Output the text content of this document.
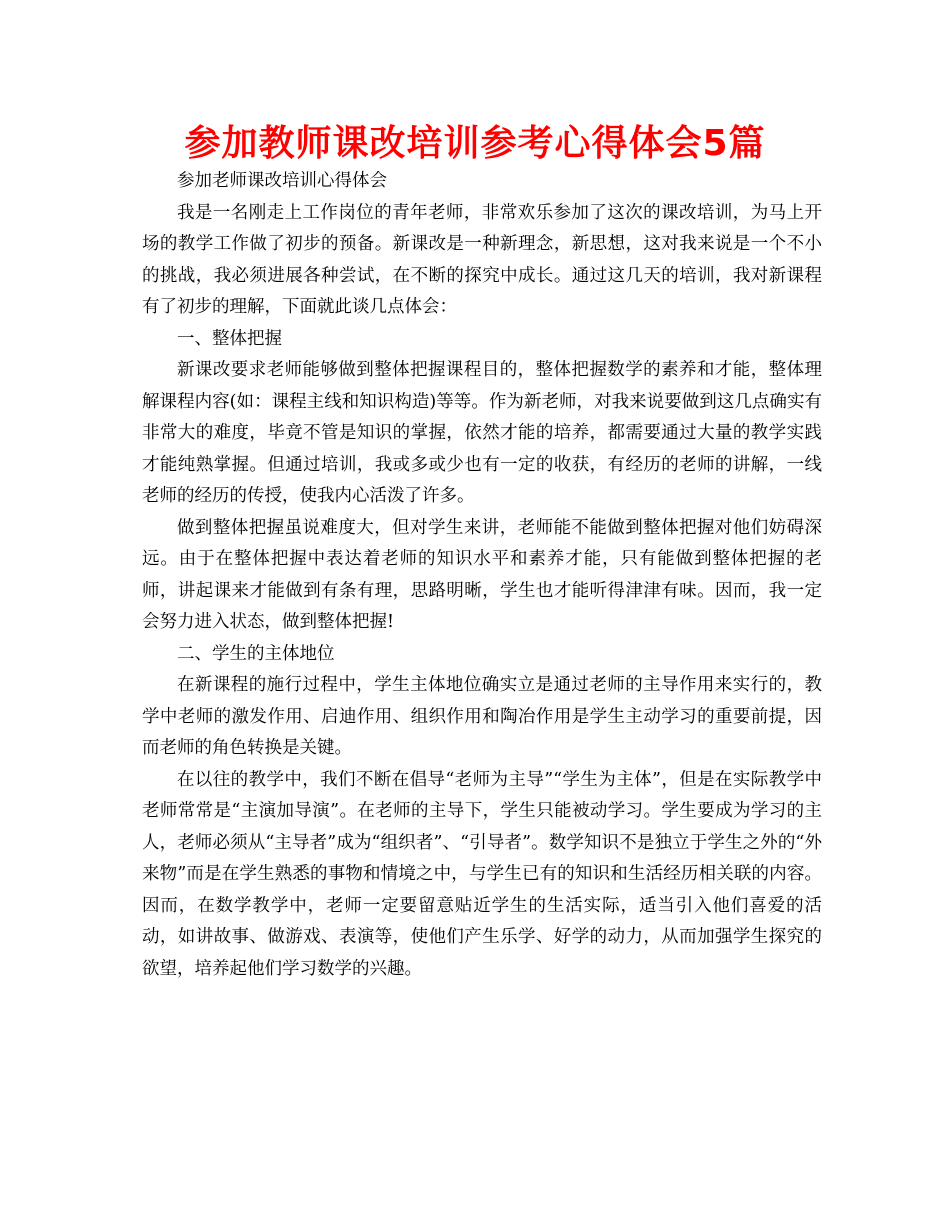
参加教师课改培训参考心得体会5篇

参加老师课改培训心得体会

我是一名刚走上工作岗位的青年老师，非常欢乐参加了这次的课改培训，为马上开场的教学工作做了初步的预备。新课改是一种新理念，新思想，这对我来说是一个不小的挑战，我必须进展各种尝试，在不断的探究中成长。通过这几天的培训，我对新课程有了初步的理解，下面就此谈几点体会：

一、整体把握

新课改要求老师能够做到整体把握课程目的，整体把握数学的素养和才能，整体理解课程内容(如：课程主线和知识构造)等等。作为新老师，对我来说要做到这几点确实有非常大的难度，毕竟不管是知识的掌握，依然才能的培养，都需要通过大量的教学实践才能纯熟掌握。但通过培训，我或多或少也有一定的收获，有经历的老师的讲解，一线老师的经历的传授，使我内心活泼了许多。

做到整体把握虽说难度大，但对学生来讲，老师能不能做到整体把握对他们妨碍深远。由于在整体把握中表达着老师的知识水平和素养才能，只有能做到整体把握的老师，讲起课来才能做到有条有理，思路明晰，学生也才能听得津津有味。因而，我一定会努力进入状态，做到整体把握!

二、学生的主体地位

在新课程的施行过程中，学生主体地位确实立是通过老师的主导作用来实行的，教学中老师的激发作用、启迪作用、组织作用和陶冶作用是学生主动学习的重要前提，因而老师的角色转换是关键。

在以往的教学中，我们不断在倡导“老师为主导”“学生为主体”，但是在实际教学中老师常常是“主演加导演”。在老师的主导下，学生只能被动学习。学生要成为学习的主人，老师必须从“主导者”成为“组织者”、“引导者”。数学知识不是独立于学生之外的“外来物”而是在学生熟悉的事物和情境之中，与学生已有的知识和生活经历相关联的内容。因而，在数学教学中，老师一定要留意贴近学生的生活实际，适当引入他们喜爱的活动，如讲故事、做游戏、表演等，使他们产生乐学、好学的动力，从而加强学生探究的欲望，培养起他们学习数学的兴趣。
